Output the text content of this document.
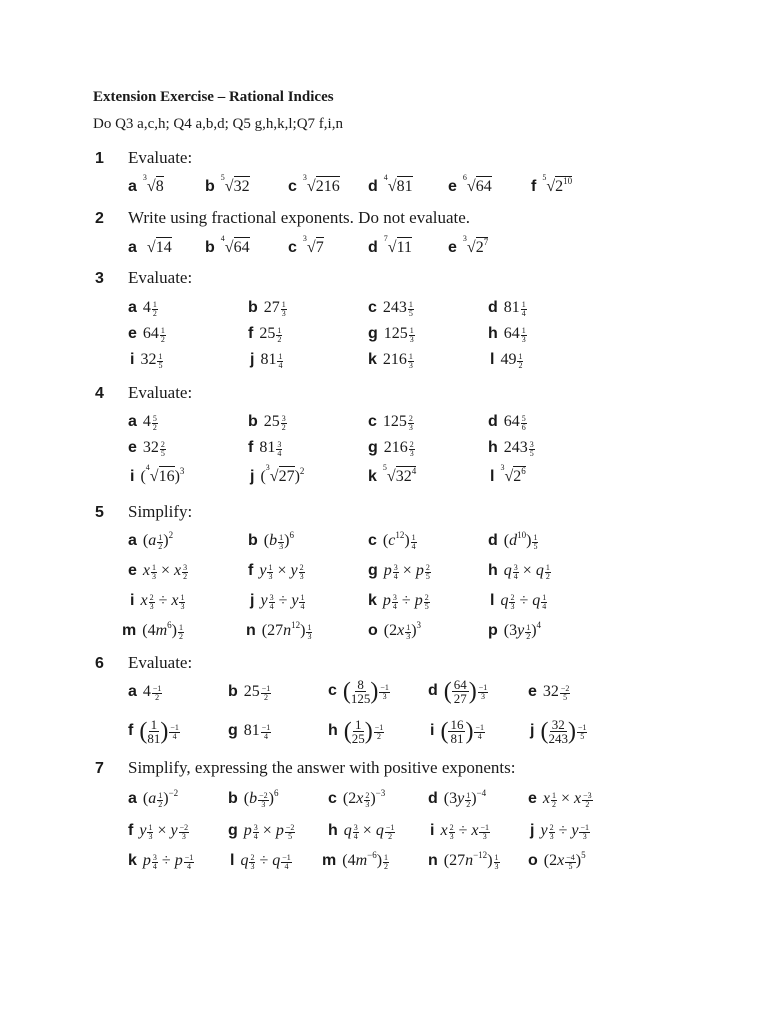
Extension Exercise – Rational Indices
Do Q3 a,c,h; Q4 a,b,d; Q5 g,h,k,l;Q7 f,i,n
1 Evaluate:
a
3
√8	b
5
√32 c
3
√216 d
4
√81 e
6
√64 f
5
$√2^{10}$
2 Write using fractional exponents. Do not evaluate.
a √14 b
4
√64 c
3
√7	d
7
√11 e
3
$√2^7$
3 Evaluate:
a $4 \frac{1}{2}$	b $27 \frac{1}{3}$	c $243 \frac{1}{5}$	d $81 \frac{1}{4}$
e $64 \frac{1}{2}$	f $25 \frac{1}{2}$	g $125 \frac{1}{3}$	h $64 \frac{1}{3}$
i $32 \frac{1}{5}$	j $81 \frac{1}{4}$	k $216 \frac{1}{3}$	l $49 \frac{1}{2}$
4 Evaluate:
a $4 \frac{5}{2}$	b $25 \frac{3}{2}$	c $125 \frac{2}{3}$	d $64 \frac{5}{6}$
e $32 \frac{2}{5}$	f $81 \frac{3}{4}$	g $216 \frac{2}{3}$	h $243 \frac{3}{5}$
i (
4
√16)$^3$	j (
3
√27)$^2$	k
5
$√32^4$	l
3
$√2^6$
5 Simplify:
a $(a \frac{1}{2} )^2$	b $(b \frac{1}{3} )^6$	c $(c^{12}) \frac{1}{4}$	d $(d^{10}) \frac{1}{5}$
e x $\frac{1}{3} \times x \frac{3}{2}$	f y $\frac{1}{3} \times y \frac{2}{3}$	g p $\frac{3}{4} \times p \frac{2}{5}$	h q $\frac{3}{4} \times q \frac{1}{2}$
i x $\frac{2}{3} \div x \frac{1}{3}$	j y $\frac{3}{4} \div y \frac{1}{4}$	k p $\frac{3}{4} \div p \frac{2}{5}$	l q $\frac{2}{3} \div q \frac{1}{4}$
m $(4m^6) \frac{1}{2}$	n $(27n^{12}) \frac{1}{3}$	o $(2x \frac{1}{3} )^3$	p $(3y \frac{1}{2} )^4$
6 Evaluate:
a $4 \frac{-1}{2}$	b $25 \frac{-1}{2}$	c ( $\frac{8}{125}$ ) $\frac{-1}{3}$ d ( $\frac{64}{27}$ ) $\frac{-1}{3}$ e $32 \frac{-2}{5}$
f ( $\frac{1}{81}$ ) $\frac{-1}{4}$	g $81 \frac{-1}{4}$	h ( $\frac{1}{25}$ ) $\frac{-1}{2}$	i ( $\frac{16}{81}$ ) $\frac{-1}{4}$	j ( $\frac{32}{243}$ ) $\frac{-1}{5}$
7 Simplify, expressing the answer with positive exponents:
a $(a \frac{1}{2} )^{-2}$	b $(b \frac{-2}{3} )^6$	c $(2x \frac{2}{3} )^{-3}$	d $(3y \frac{1}{2} )^{-4}$	e x $\frac{1}{2} \times x \frac{-3}{2}$
f y $\frac{1}{3} \times y \frac{-2}{3}$ g p $\frac{3}{4} \times p \frac{-2}{5}$ h q $\frac{3}{4} \times q \frac{-1}{2}$ i x $\frac{2}{3} \div x \frac{-1}{3}$	j y $\frac{2}{3} \div y \frac{-1}{3}$
k p $\frac{3}{4} \div p \frac{-1}{4}$ l q $\frac{2}{3} \div q \frac{-1}{4}$ m $(4m^{-6}) \frac{1}{2}$ n $(27n^{-12}) \frac{1}{3}$ o $(2x \frac{-4}{5} )^5$
